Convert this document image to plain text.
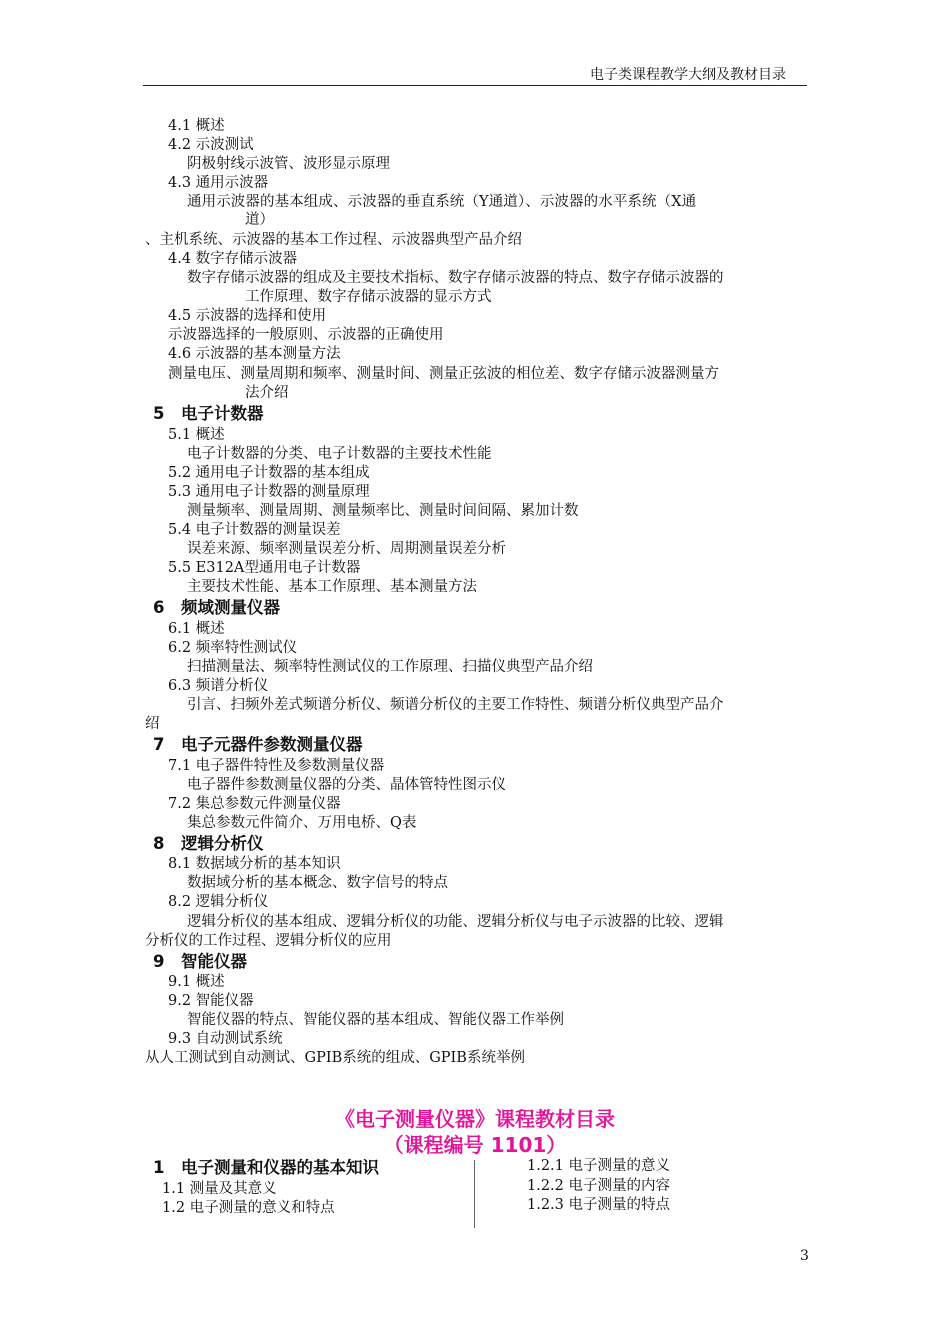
电子类课程教学大纲及教材目录
4.1 概述
4.2 示波测试
阴极射线示波管、波形显示原理
4.3 通用示波器
通用示波器的基本组成、示波器的垂直系统（Y通道）、示波器的水平系统（X通
道）
、主机系统、示波器的基本工作过程、示波器典型产品介绍
4.4 数字存储示波器
数字存储示波器的组成及主要技术指标、数字存储示波器的特点、数字存储示波器的
工作原理、数字存储示波器的显示方式
4.5 示波器的选择和使用
示波器选择的一般原则、示波器的正确使用
4.6 示波器的基本测量方法
测量电压、测量周期和频率、测量时间、测量正弦波的相位差、数字存储示波器测量方
法介绍
5 电子计数器
5.1 概述
电子计数器的分类、电子计数器的主要技术性能
5.2 通用电子计数器的基本组成
5.3 通用电子计数器的测量原理
测量频率、测量周期、测量频率比、测量时间间隔、累加计数
5.4 电子计数器的测量误差
误差来源、频率测量误差分析、周期测量误差分析
5.5 E312A型通用电子计数器
主要技术性能、基本工作原理、基本测量方法
6 频域测量仪器
6.1 概述
6.2 频率特性测试仪
扫描测量法、频率特性测试仪的工作原理、扫描仪典型产品介绍
6.3 频谱分析仪
引言、扫频外差式频谱分析仪、频谱分析仪的主要工作特性、频谱分析仪典型产品介
绍
7 电子元器件参数测量仪器
7.1 电子器件特性及参数测量仪器
电子器件参数测量仪器的分类、晶体管特性图示仪
7.2 集总参数元件测量仪器
集总参数元件简介、万用电桥、Q表
8 逻辑分析仪
8.1 数据域分析的基本知识
数据域分析的基本概念、数字信号的特点
8.2 逻辑分析仪
逻辑分析仪的基本组成、逻辑分析仪的功能、逻辑分析仪与电子示波器的比较、逻辑
分析仪的工作过程、逻辑分析仪的应用
9 智能仪器
9.1 概述
9.2 智能仪器
智能仪器的特点、智能仪器的基本组成、智能仪器工作举例
9.3 自动测试系统
从人工测试到自动测试、GPIB系统的组成、GPIB系统举例
《电子测量仪器》课程教材目录
（课程编号 1101）
1 电子测量和仪器的基本知识
1.1 测量及其意义
1.2 电子测量的意义和特点
1.2.1 电子测量的意义
1.2.2 电子测量的内容
1.2.3 电子测量的特点
3
